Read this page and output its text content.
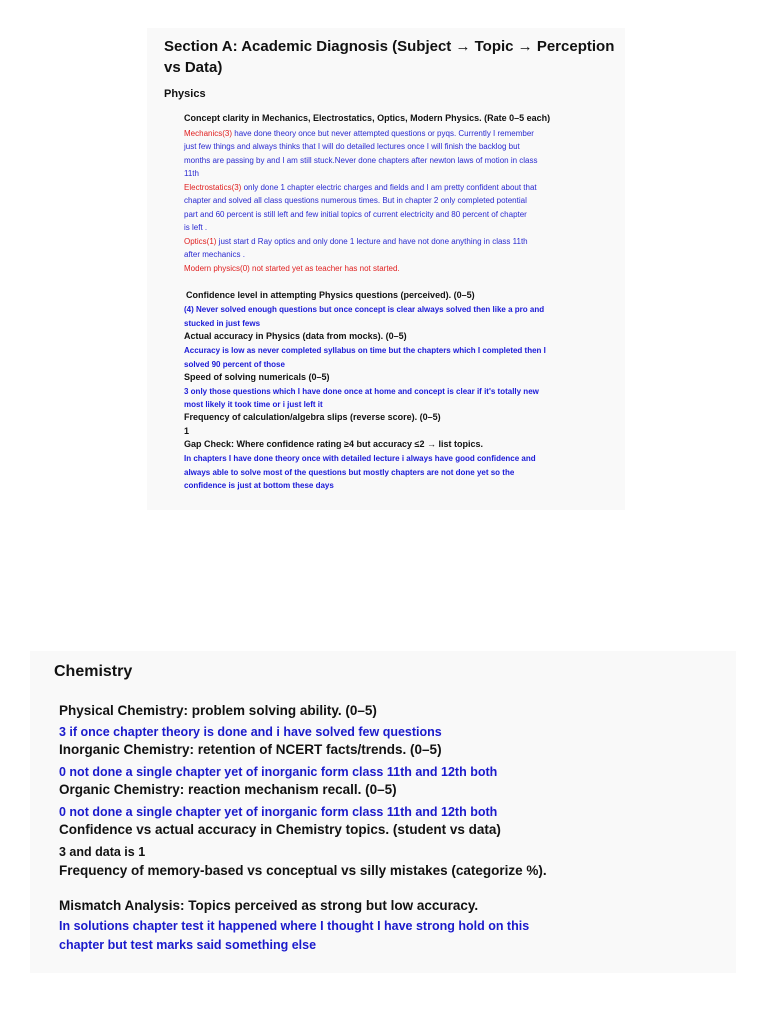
Section A: Academic Diagnosis (Subject → Topic → Perception
vs Data)
Physics
Concept clarity in Mechanics, Electrostatics, Optics, Modern Physics. (Rate 0–5 each)
Mechanics(3) have done theory once but never attempted questions or pyqs. Currently I remember
just few things and always thinks that I will do detailed lectures once I will finish the backlog but
months are passing by and I am still stuck.Never done chapters after newton laws of motion in class
11th
Electrostatics(3) only done 1 chapter electric charges and fields and I am pretty confident about that
chapter and solved all class questions numerous times. But in chapter 2 only completed potential
part and 60 percent is still left and few initial topics of current electricity and 80 percent of chapter
is left .
Optics(1) just start d Ray optics and only done 1 lecture and have not done anything in class 11th
after mechanics .
Modern physics(0) not started yet as teacher has not started.
Confidence level in attempting Physics questions (perceived). (0–5)
(4) Never solved enough questions but once concept is clear always solved then like a pro and
stucked in just fews
Actual accuracy in Physics (data from mocks). (0–5)
Accuracy is low as never completed syllabus on time but the chapters which I completed then I
solved 90 percent of those
Speed of solving numericals (0–5)
3 only those questions which I have done once at home and concept is clear if it's totally new
most likely it took time or i just left it
Frequency of calculation/algebra slips (reverse score). (0–5)
1
Gap Check: Where confidence rating ≥4 but accuracy ≤2 → list topics.
In chapters I have done theory once with detailed lecture i always have good confidence and
always able to solve most of the questions but mostly chapters are not done yet so the
confidence is just at bottom these days
Chemistry
Physical Chemistry: problem solving ability. (0–5)
3 if once chapter theory is done and i have solved few questions
Inorganic Chemistry: retention of NCERT facts/trends. (0–5)
0 not done a single chapter yet of inorganic form class 11th and 12th both
Organic Chemistry: reaction mechanism recall. (0–5)
0 not done a single chapter yet of inorganic form class 11th and 12th both
Confidence vs actual accuracy in Chemistry topics. (student vs data)
3 and data is 1
Frequency of memory-based vs conceptual vs silly mistakes (categorize %).
Mismatch Analysis: Topics perceived as strong but low accuracy.
In solutions chapter test it happened where I thought I have strong hold on this
chapter but test marks said something else
